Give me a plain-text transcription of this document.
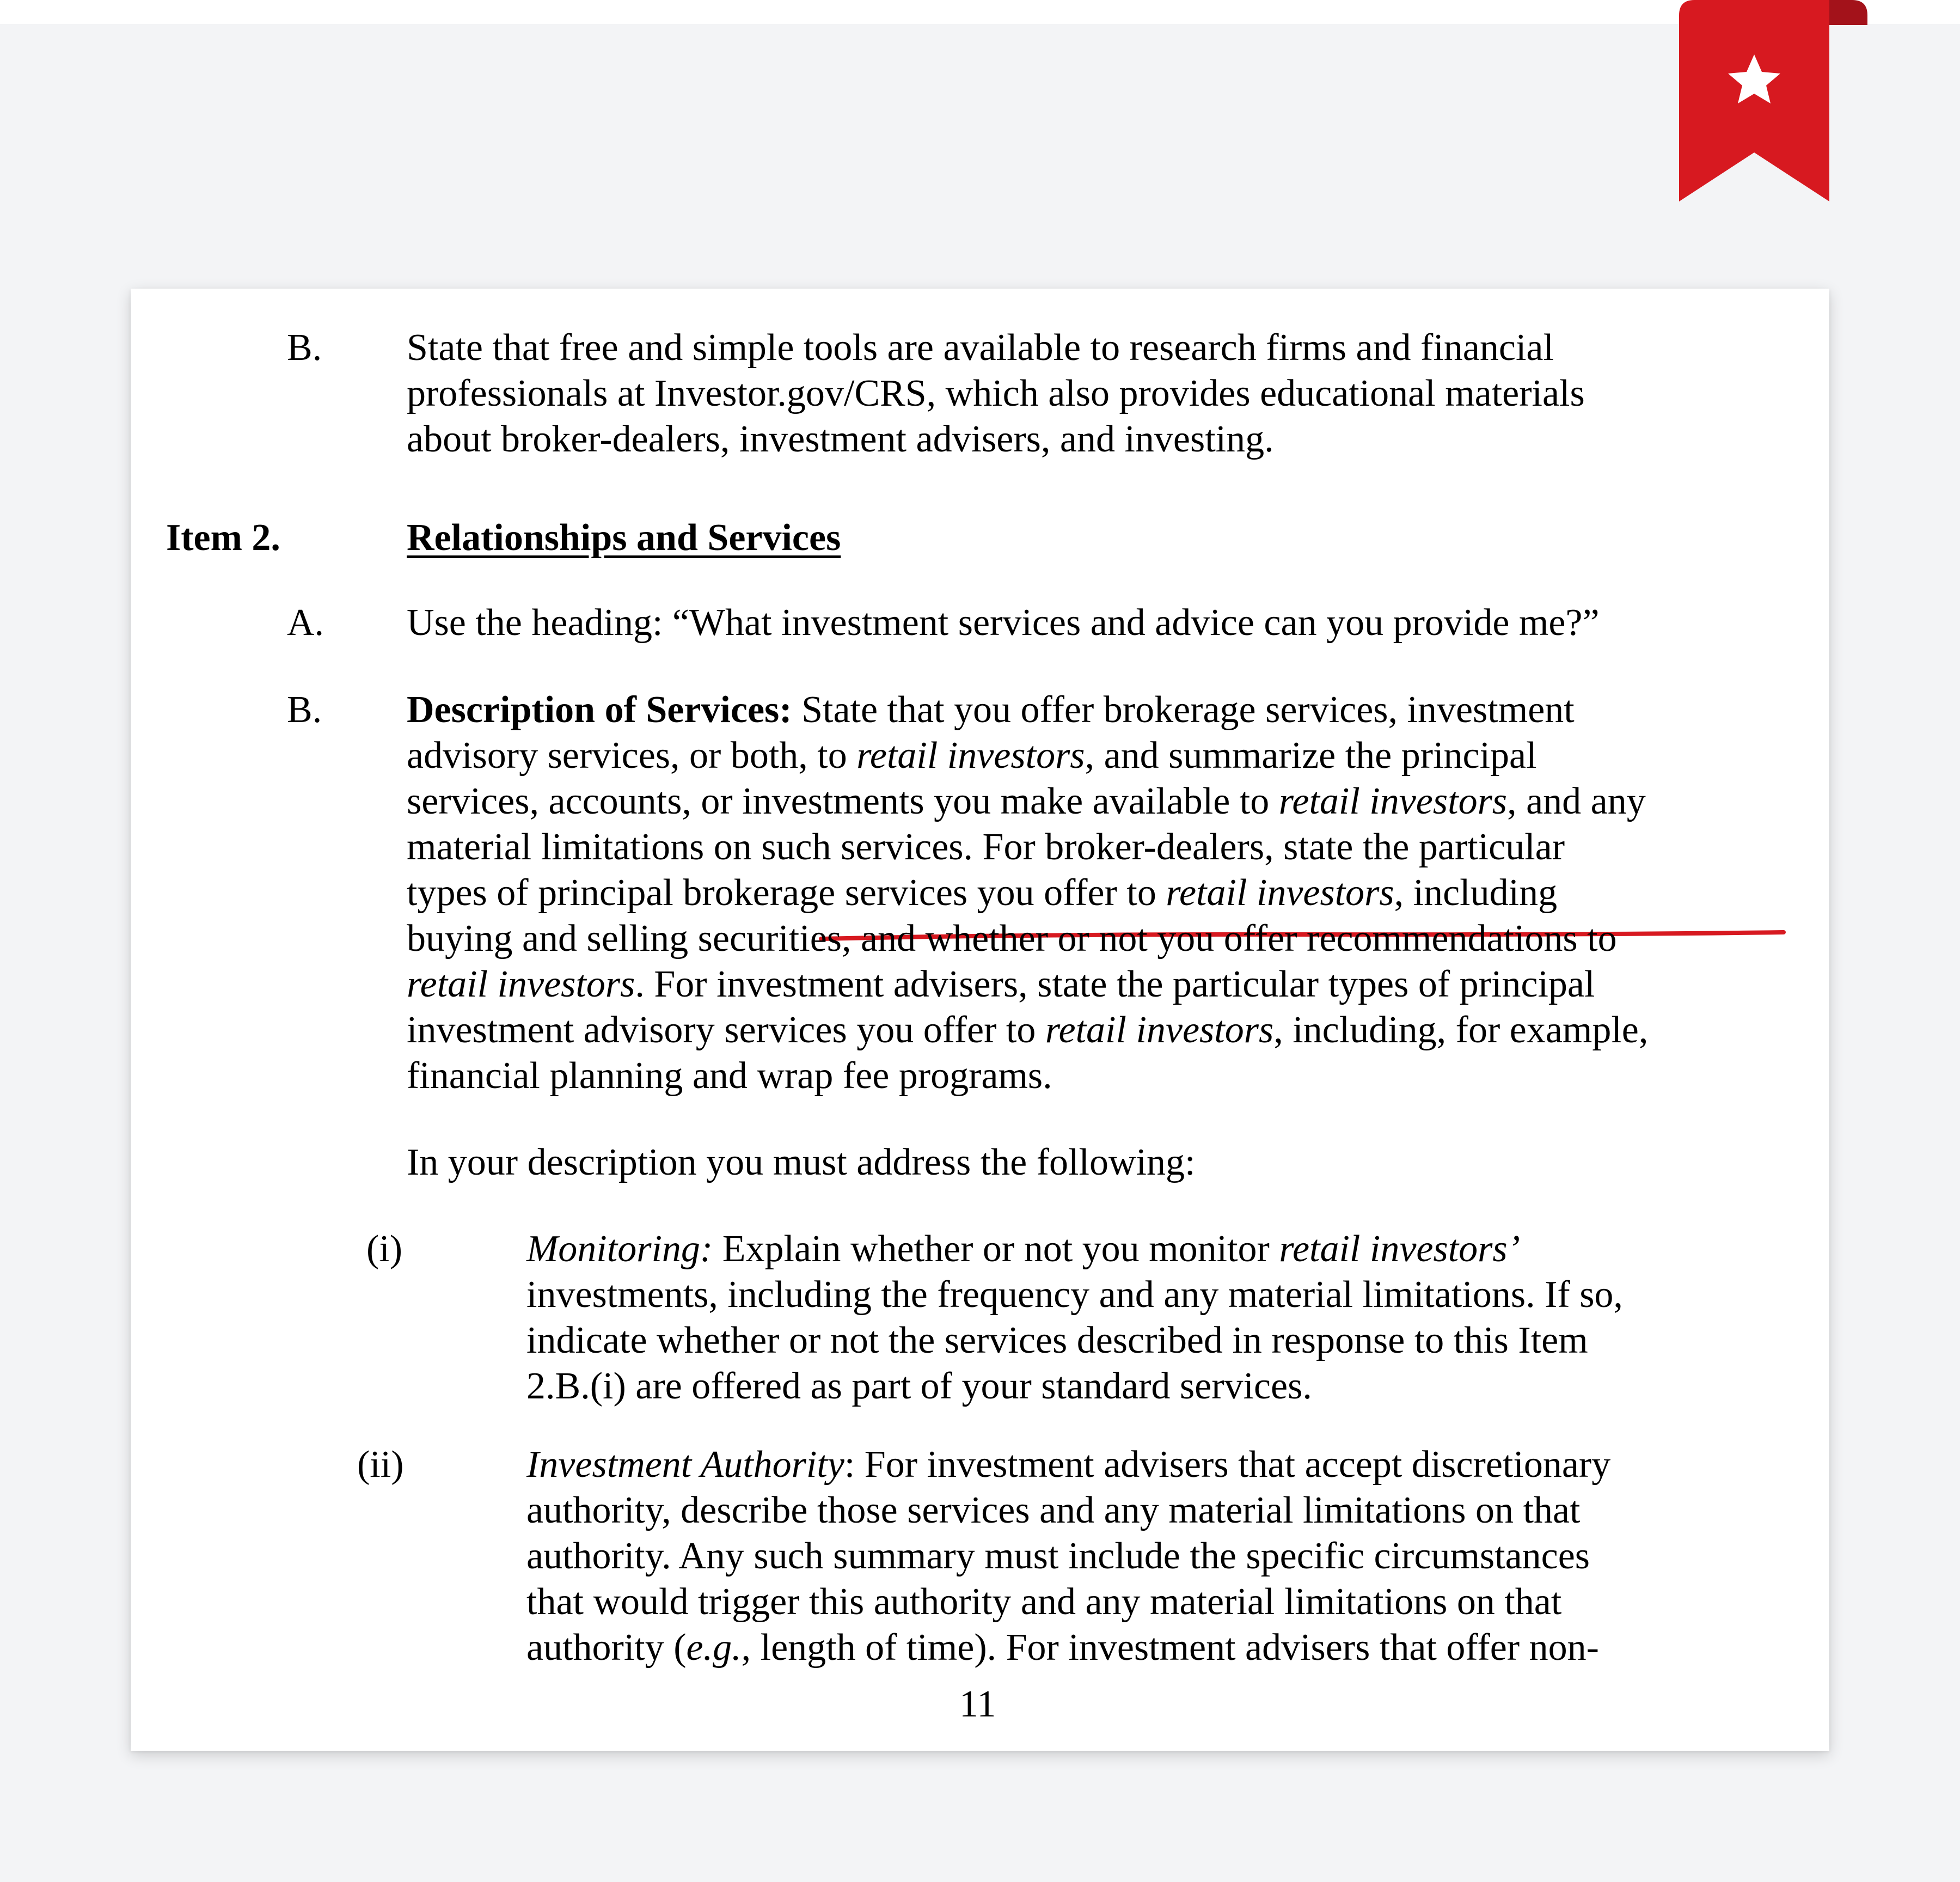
B. State that free and simple tools are available to research firms and financial
professionals at Investor.gov/CRS, which also provides educational materials
about broker-dealers, investment advisers, and investing.
Item 2.	Relationships and Services
A. Use the heading: “What investment services and advice can you provide me?”
B. Description of Services: State that you offer brokerage services, investment
advisory services, or both, to retail investors, and summarize the principal
services, accounts, or investments you make available to retail investors, and any
material limitations on such services. For broker-dealers, state the particular
types of principal brokerage services you offer to retail investors, including
buying and selling securities, and whether or not you offer recommendations to
retail investors. For investment advisers, state the particular types of principal
investment advisory services you offer to retail investors, including, for example,
financial planning and wrap fee programs.
In your description you must address the following:
(i)	Monitoring: Explain whether or not you monitor retail investors’
investments, including the frequency and any material limitations. If so,
indicate whether or not the services described in response to this Item
2.B.(i) are offered as part of your standard services.
(ii)	Investment Authority: For investment advisers that accept discretionary
authority, describe those services and any material limitations on that
authority. Any such summary must include the specific circumstances
that would trigger this authority and any material limitations on that
authority (e.g., length of time). For investment advisers that offer non-
11
